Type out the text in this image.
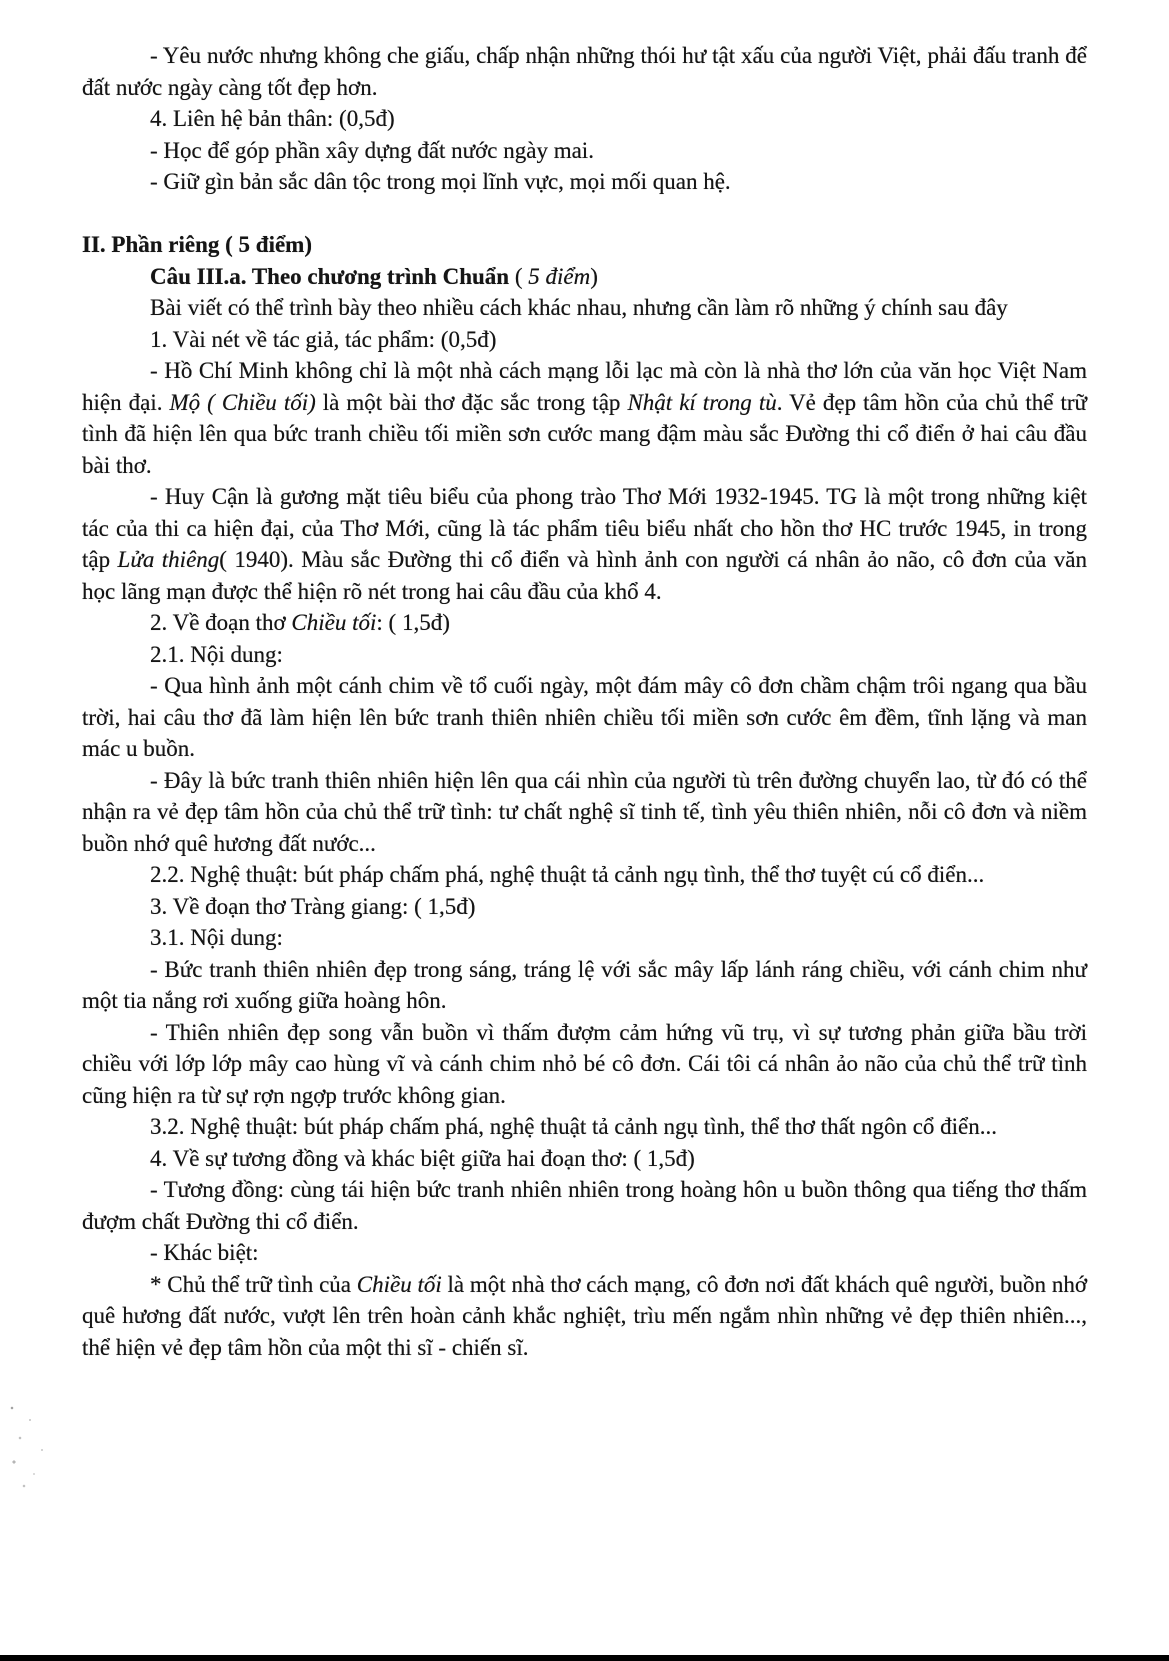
- Yêu nước nhưng không che giấu, chấp nhận những thói hư tật xấu của người Việt, phải đấu tranh để đất nước ngày càng tốt đẹp hơn.

4. Liên hệ bản thân: (0,5đ)

- Học để góp phần xây dựng đất nước ngày mai.

- Giữ gìn bản sắc dân tộc trong mọi lĩnh vực, mọi mối quan hệ.

II. Phần riêng ( 5 điểm)

Câu III.a. Theo chương trình Chuẩn ( 5 điểm)

Bài viết có thể trình bày theo nhiều cách khác nhau, nhưng cần làm rõ những ý chính sau đây

1. Vài nét về tác giả, tác phẩm: (0,5đ)

- Hồ Chí Minh không chỉ là một nhà cách mạng lỗi lạc mà còn là nhà thơ lớn của văn học Việt Nam hiện đại. Mộ ( Chiều tối) là một bài thơ đặc sắc trong tập Nhật kí trong tù. Vẻ đẹp tâm hồn của chủ thể trữ tình đã hiện lên qua bức tranh chiều tối miền sơn cước mang đậm màu sắc Đường thi cổ điển ở hai câu đầu bài thơ.

- Huy Cận là gương mặt tiêu biểu của phong trào Thơ Mới 1932-1945. TG là một trong những kiệt tác của thi ca hiện đại, của Thơ Mới, cũng là tác phẩm tiêu biểu nhất cho hồn thơ HC trước 1945, in trong tập Lửa thiêng( 1940). Màu sắc Đường thi cổ điển và hình ảnh con người cá nhân ảo não, cô đơn của văn học lãng mạn được thể hiện rõ nét trong hai câu đầu của khổ 4.

2. Về đoạn thơ Chiều tối: ( 1,5đ)

2.1. Nội dung:

- Qua hình ảnh một cánh chim về tổ cuối ngày, một đám mây cô đơn chầm chậm trôi ngang qua bầu trời, hai câu thơ đã làm hiện lên bức tranh thiên nhiên chiều tối miền sơn cước êm đềm, tĩnh lặng và man mác u buồn.

- Đây là bức tranh thiên nhiên hiện lên qua cái nhìn của người tù trên đường chuyển lao, từ đó có thể nhận ra vẻ đẹp tâm hồn của chủ thể trữ tình: tư chất nghệ sĩ tinh tế, tình yêu thiên nhiên, nỗi cô đơn và niềm buồn nhớ quê hương đất nước...

2.2. Nghệ thuật: bút pháp chấm phá, nghệ thuật tả cảnh ngụ tình, thể thơ tuyệt cú cổ điển...

3. Về đoạn thơ Tràng giang: ( 1,5đ)

3.1. Nội dung:

- Bức tranh thiên nhiên đẹp trong sáng, tráng lệ với sắc mây lấp lánh ráng chiều, với cánh chim như một tia nắng rơi xuống giữa hoàng hôn.

- Thiên nhiên đẹp song vẫn buồn vì thấm đượm cảm hứng vũ trụ, vì sự tương phản giữa bầu trời chiều với lớp lớp mây cao hùng vĩ và cánh chim nhỏ bé cô đơn. Cái tôi cá nhân ảo não của chủ thể trữ tình cũng hiện ra từ sự rợn ngợp trước không gian.

3.2. Nghệ thuật: bút pháp chấm phá, nghệ thuật tả cảnh ngụ tình, thể thơ thất ngôn cổ điển...

4. Về sự tương đồng và khác biệt giữa hai đoạn thơ: ( 1,5đ)

- Tương đồng: cùng tái hiện bức tranh nhiên nhiên trong hoàng hôn u buồn thông qua tiếng thơ thấm đượm chất Đường thi cổ điển.

- Khác biệt:

* Chủ thể trữ tình của Chiều tối là một nhà thơ cách mạng, cô đơn nơi đất khách quê người, buồn nhớ quê hương đất nước, vượt lên trên hoàn cảnh khắc nghiệt, trìu mến ngắm nhìn những vẻ đẹp thiên nhiên..., thể hiện vẻ đẹp tâm hồn của một thi sĩ - chiến sĩ.
